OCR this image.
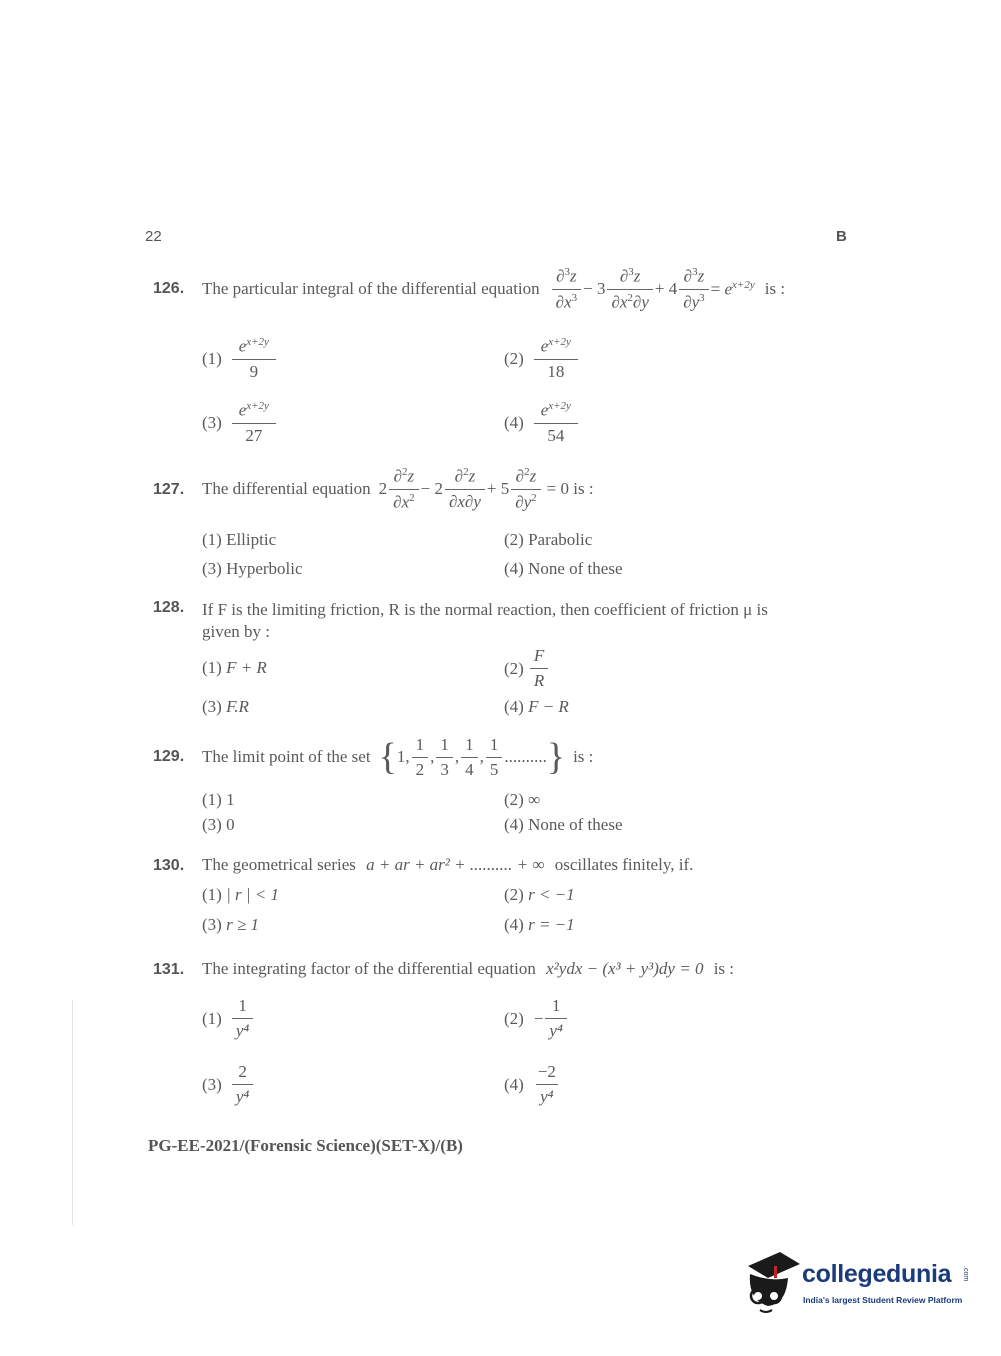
22	B
126. The particular integral of the differential equation $\frac{\partial^3z}{\partial x^3} - 3 \frac{\partial^3z}{\partial x^2\partial y} + 4 \frac{\partial^3z}{\partial y^3} = e^{x+2y}$ is :
$(1) \frac{e^{x+2y}}{9}$	$(2) \frac{e^{x+2y}}{18}$
$(3) \frac{e^{x+2y}}{27}$	$(4) \frac{e^{x+2y}}{54}$
127. The differential equation $2 \frac{\partial^2z}{\partial x^2} - 2 \frac{\partial^2z}{\partial x\partial y} + 5 \frac{\partial^2z}{\partial y^2} = 0$ is :
(1) Elliptic	(2) Parabolic
(3) Hyperbolic	(4) None of these
128. If F is the limiting friction, R is the normal reaction, then coefficient of friction μ is
given by :
(1) F + R	$(2) \frac{F}{R}$
(3) F.R	(4) F − R
129. The limit point of the set { 1, $\frac{1}{2}$ , $\frac{1}{3}$ , $\frac{1}{4}$ , $\frac{1}{5}$ .......... } is :
(1) 1	(2) ∞
(3) 0	(4) None of these
130. The geometrical series a + ar + ar² + .......... + ∞ oscillates finitely, if.
(1) | r | < 1	(2) r < −1
(3) r ≥ 1	(4) r = −1
131. The integrating factor of the differential equation x²ydx − (x³ + y³)dy = 0 is :
$(1) \frac{1}{\text{y⁴}}$	$(2) - \frac{1}{\text{y⁴}}$
$(3) \frac{2}{\text{y⁴}}$	$(4) \frac{-2}{\text{y⁴}}$
PG-EE-2021/(Forensic Science)(SET-X)/(B)
collegedunia .com
India's largest Student Review Platform
